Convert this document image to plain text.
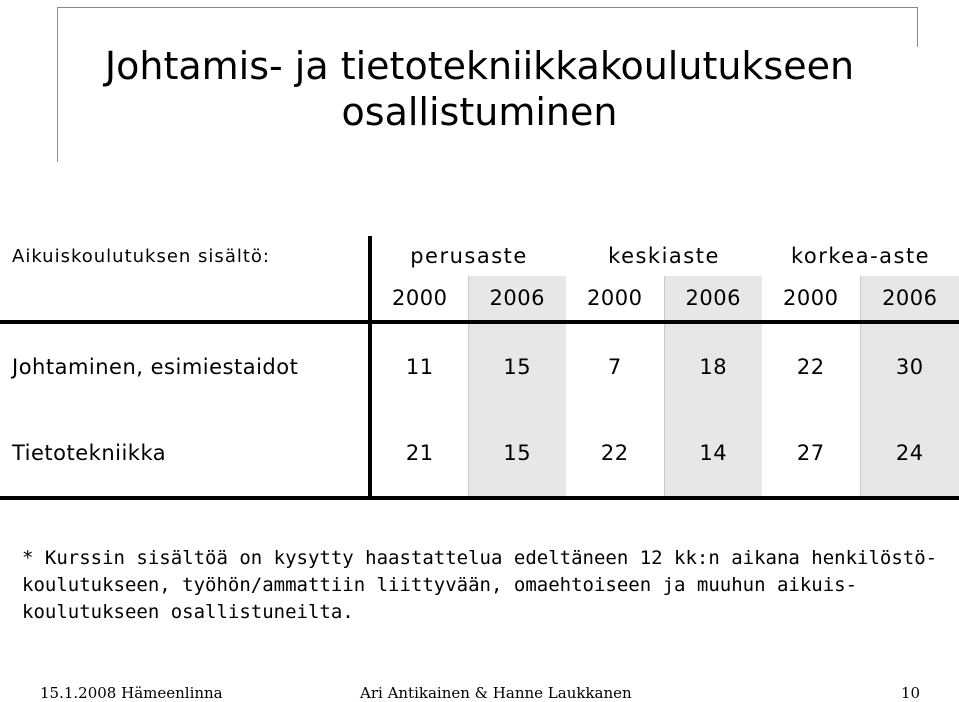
Johtamis- ja tietotekniikkakoulutukseen
osallistuminen
Aikuiskoulutuksen sisältö:	perusaste		keskiaste		korkea-aste	
	2000	2006	2000	2006	2000	2006
Johtaminen, esimiestaidot	11	15	7	18	22	30
Tietotekniikka	21	15	22	14	27	24
* Kurssin sisältöä on kysytty haastattelua edeltäneen 12 kk:n aikana henkilöstö-
koulutukseen, työhön/ammattiin liittyvään, omaehtoiseen ja muuhun aikuis-
koulutukseen osallistuneilta.
15.1.2008 Hämeenlinna	Ari Antikainen & Hanne Laukkanen	10
